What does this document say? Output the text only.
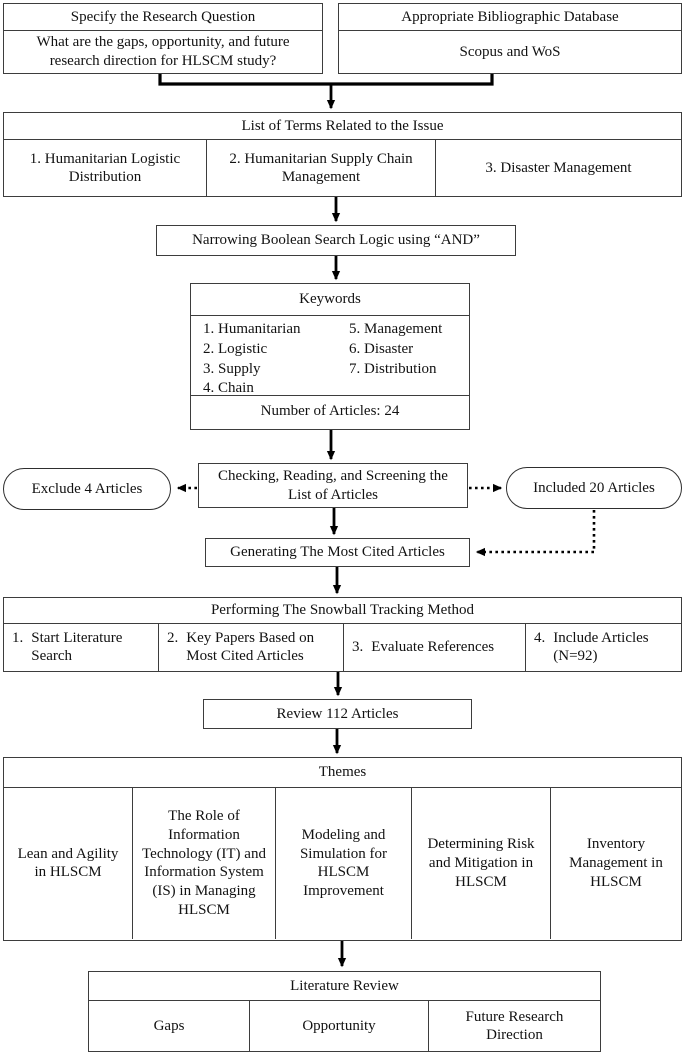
Specify the Research Question
What are the gaps, opportunity, and future research direction for HLSCM study?
Appropriate Bibliographic Database
Scopus and WoS
List of Terms Related to the Issue
1. Humanitarian Logistic Distribution
2. Humanitarian Supply Chain Management
3. Disaster Management
Narrowing Boolean Search Logic using “AND”
Keywords
1. Humanitarian
2. Logistic
3. Supply
4. Chain
5. Management
6. Disaster
7. Distribution
Number of Articles: 24
Checking, Reading, and Screening the List of Articles
Exclude 4 Articles	Included 20 Articles
Generating The Most Cited Articles
Performing The Snowball Tracking Method
1. Start Literature Search
2. Key Papers Based on Most Cited Articles
3. Evaluate References
4. Include Articles (N=92)
Review 112 Articles
Themes
Lean and Agility in HLSCM
The Role of Information Technology (IT) and Information System (IS) in Managing HLSCM
Modeling and Simulation for HLSCM Improvement
Determining Risk and Mitigation in HLSCM
Inventory Management in HLSCM
Literature Review
Gaps	Opportunity
Future Research Direction
